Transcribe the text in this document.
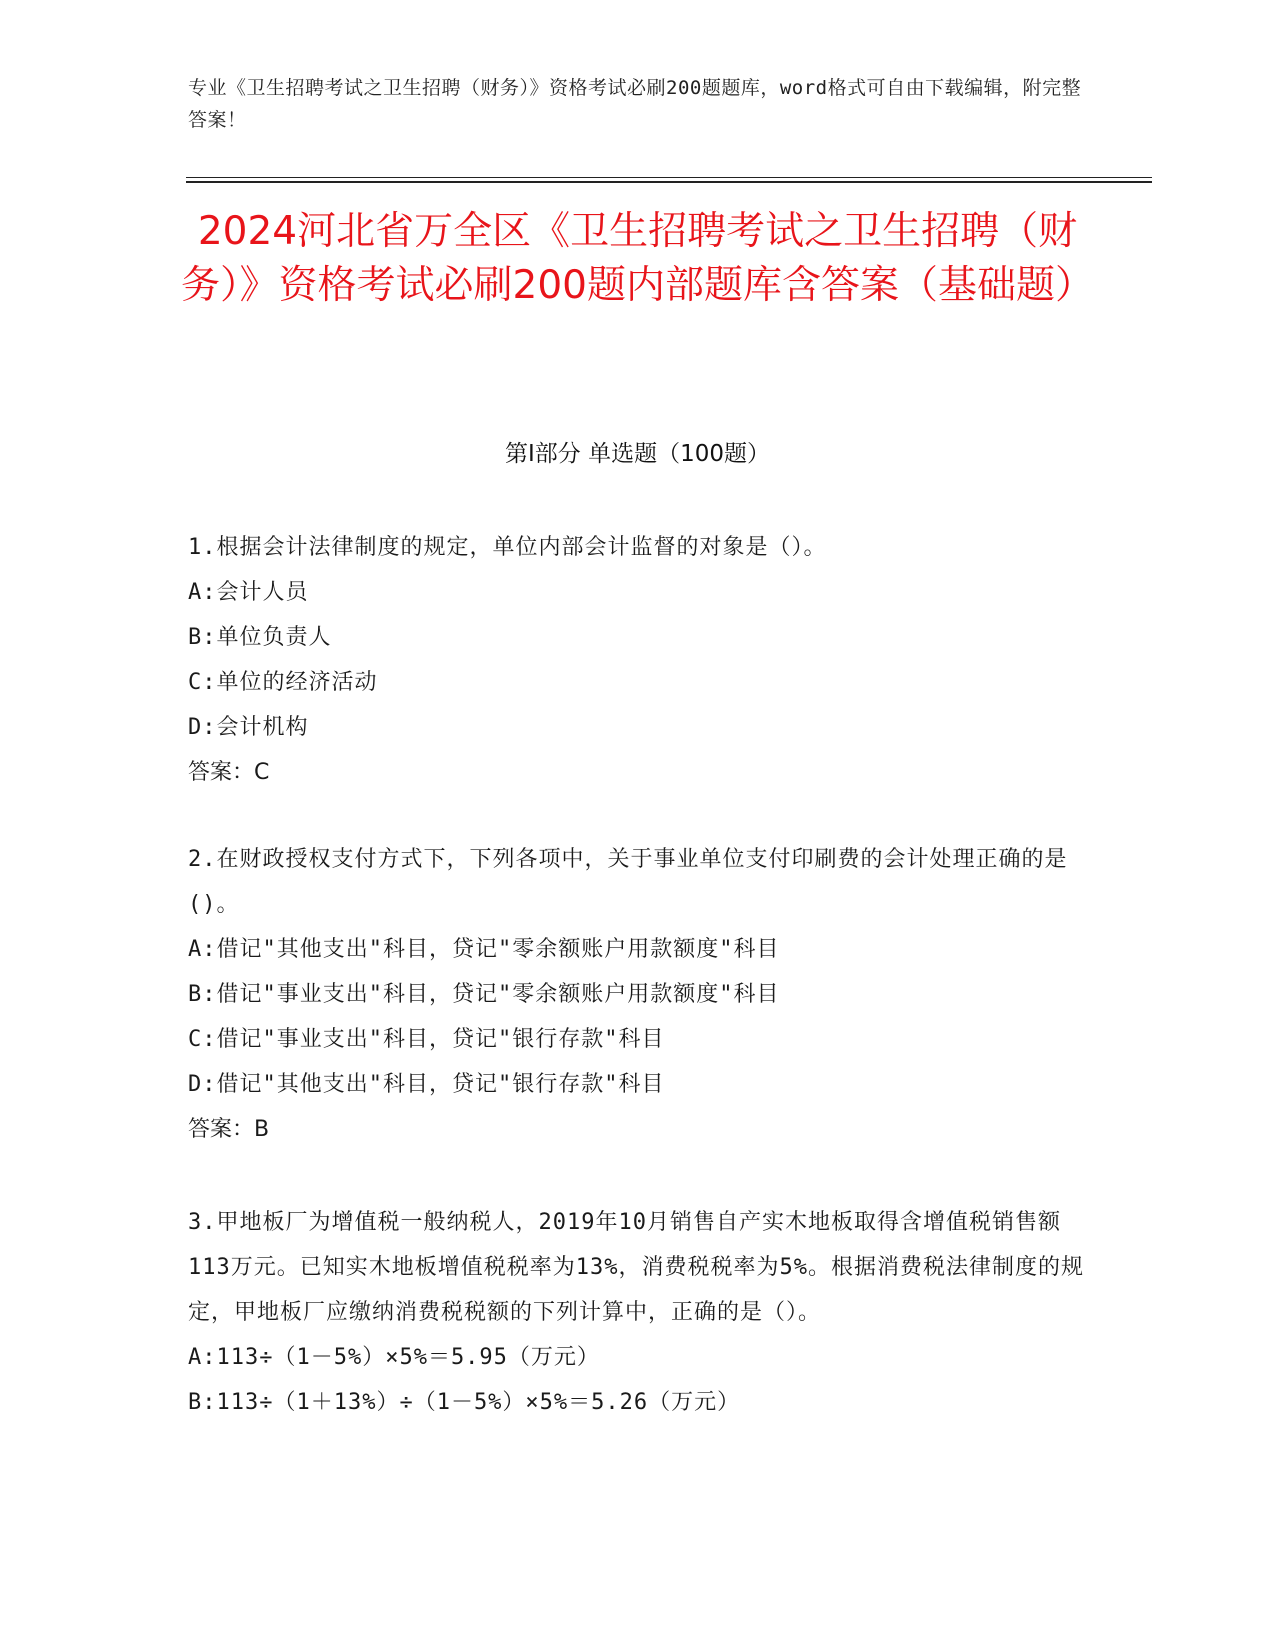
专业《卫生招聘考试之卫生招聘（财务）》资格考试必刷200题题库，word格式可自由下载编辑，附完整答案！
2024河北省万全区《卫生招聘考试之卫生招聘（财务）》资格考试必刷200题内部题库含答案（基础题）
第Ⅰ部分 单选题（100题）
1.根据会计法律制度的规定，单位内部会计监督的对象是（）。
A:会计人员
B:单位负责人
C:单位的经济活动
D:会计机构
答案：C
2.在财政授权支付方式下，下列各项中，关于事业单位支付印刷费的会计处理正确的是()。
A:借记"其他支出"科目，贷记"零余额账户用款额度"科目
B:借记"事业支出"科目，贷记"零余额账户用款额度"科目
C:借记"事业支出"科目，贷记"银行存款"科目
D:借记"其他支出"科目，贷记"银行存款"科目
答案：B
3.甲地板厂为增值税一般纳税人，2019年10月销售自产实木地板取得含增值税销售额113万元。已知实木地板增值税税率为13%，消费税税率为5%。根据消费税法律制度的规定，甲地板厂应缴纳消费税税额的下列计算中，正确的是（）。
A:113÷（1－5%）×5%＝5.95（万元）
B:113÷（1＋13%）÷（1－5%）×5%＝5.26（万元）
